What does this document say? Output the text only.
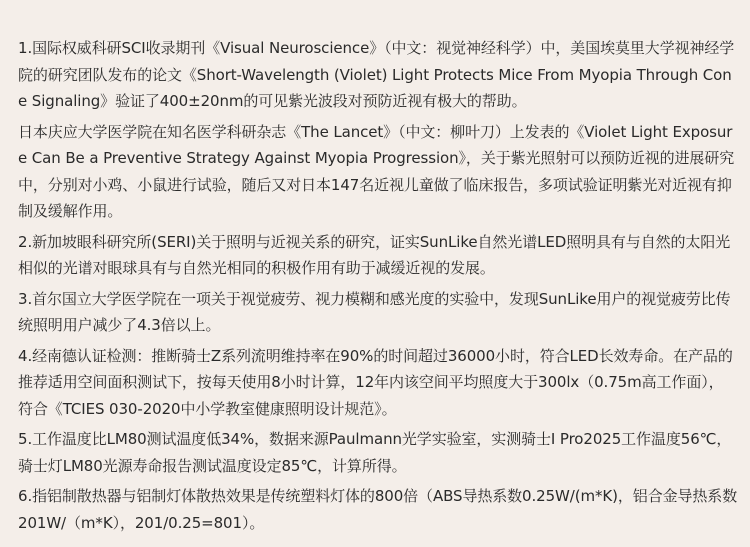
1.国际权威科研SCI收录期刊《Visual Neuroscience》（中文：视觉神经科学）中，美国埃莫里大学视神经学院的研究团队发布的论文《Short-Wavelength (Violet) Light Protects Mice From Myopia Through Cone Signaling》验证了400±20nm的可见紫光波段对预防近视有极大的帮助。

日本庆应大学医学院在知名医学科研杂志《The Lancet》（中文：柳叶刀）上发表的《Violet Light Exposure Can Be a Preventive Strategy Against Myopia Progression》，关于紫光照射可以预防近视的进展研究中，分别对小鸡、小鼠进行试验，随后又对日本147名近视儿童做了临床报告，多项试验证明紫光对近视有抑制及缓解作用。

2.新加坡眼科研究所(SERI)关于照明与近视关系的研究，证实SunLike自然光谱LED照明具有与自然的太阳光相似的光谱对眼球具有与自然光相同的积极作用有助于减缓近视的发展。

3.首尔国立大学医学院在一项关于视觉疲劳、视力模糊和感光度的实验中，发现SunLike用户的视觉疲劳比传统照明用户减少了4.3倍以上。

4.经南德认证检测：推断骑士Z系列流明维持率在90%的时间超过36000小时，符合LED长效寿命。在产品的推荐适用空间面积测试下，按每天使用8小时计算，12年内该空间平均照度大于300lx（0.75m高工作面），符合《TCIES 030-2020中小学教室健康照明设计规范》。

5.工作温度比LM80测试温度低34%，数据来源Paulmann光学实验室，实测骑士I Pro2025工作温度56℃，骑士灯LM80光源寿命报告测试温度设定85℃，计算所得。

6.指铝制散热器与铝制灯体散热效果是传统塑料灯体的800倍（ABS导热系数0.25W/(m*K)，铝合金导热系数201W/（m*K），201/0.25=801）。
